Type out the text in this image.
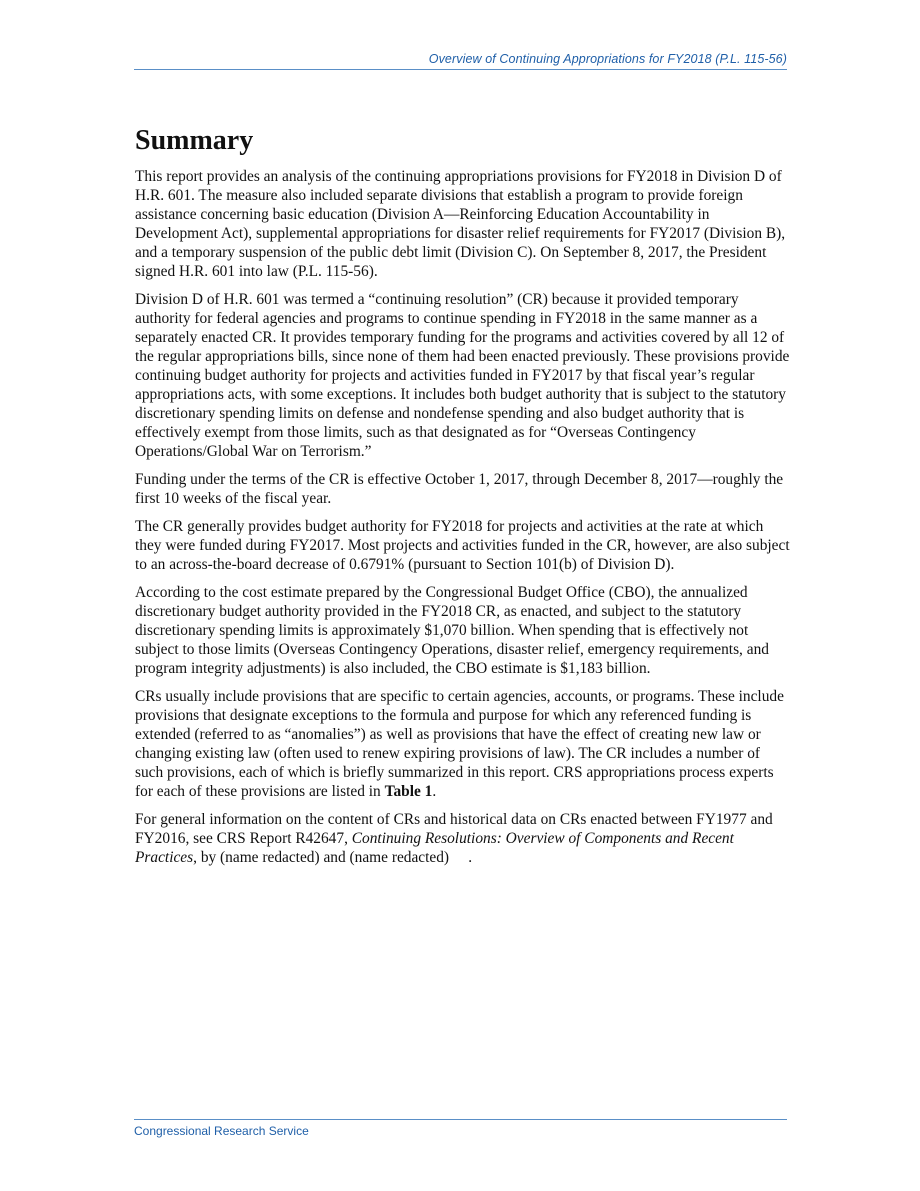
Overview of Continuing Appropriations for FY2018 (P.L. 115-56)
Summary

This report provides an analysis of the continuing appropriations provisions for FY2018 in Division D of H.R. 601. The measure also included separate divisions that establish a program to provide foreign assistance concerning basic education (Division A—Reinforcing Education Accountability in Development Act), supplemental appropriations for disaster relief requirements for FY2017 (Division B), and a temporary suspension of the public debt limit (Division C). On September 8, 2017, the President signed H.R. 601 into law (P.L. 115-56).

Division D of H.R. 601 was termed a “continuing resolution” (CR) because it provided temporary authority for federal agencies and programs to continue spending in FY2018 in the same manner as a separately enacted CR. It provides temporary funding for the programs and activities covered by all 12 of the regular appropriations bills, since none of them had been enacted previously. These provisions provide continuing budget authority for projects and activities funded in FY2017 by that fiscal year’s regular appropriations acts, with some exceptions. It includes both budget authority that is subject to the statutory discretionary spending limits on defense and nondefense spending and also budget authority that is effectively exempt from those limits, such as that designated as for “Overseas Contingency Operations/Global War on Terrorism.”

Funding under the terms of the CR is effective October 1, 2017, through December 8, 2017—roughly the first 10 weeks of the fiscal year.

The CR generally provides budget authority for FY2018 for projects and activities at the rate at which they were funded during FY2017. Most projects and activities funded in the CR, however, are also subject to an across-the-board decrease of 0.6791% (pursuant to Section 101(b) of Division D).

According to the cost estimate prepared by the Congressional Budget Office (CBO), the annualized discretionary budget authority provided in the FY2018 CR, as enacted, and subject to the statutory discretionary spending limits is approximately $1,070 billion. When spending that is effectively not subject to those limits (Overseas Contingency Operations, disaster relief, emergency requirements, and program integrity adjustments) is also included, the CBO estimate is $1,183 billion.

CRs usually include provisions that are specific to certain agencies, accounts, or programs. These include provisions that designate exceptions to the formula and purpose for which any referenced funding is extended (referred to as “anomalies”) as well as provisions that have the effect of creating new law or changing existing law (often used to renew expiring provisions of law). The CR includes a number of such provisions, each of which is briefly summarized in this report. CRS appropriations process experts for each of these provisions are listed in Table 1.

For general information on the content of CRs and historical data on CRs enacted between FY1977 and FY2016, see CRS Report R42647, Continuing Resolutions: Overview of Components and Recent Practices, by (name redacted) and (name redacted)     .

Congressional Research Service
